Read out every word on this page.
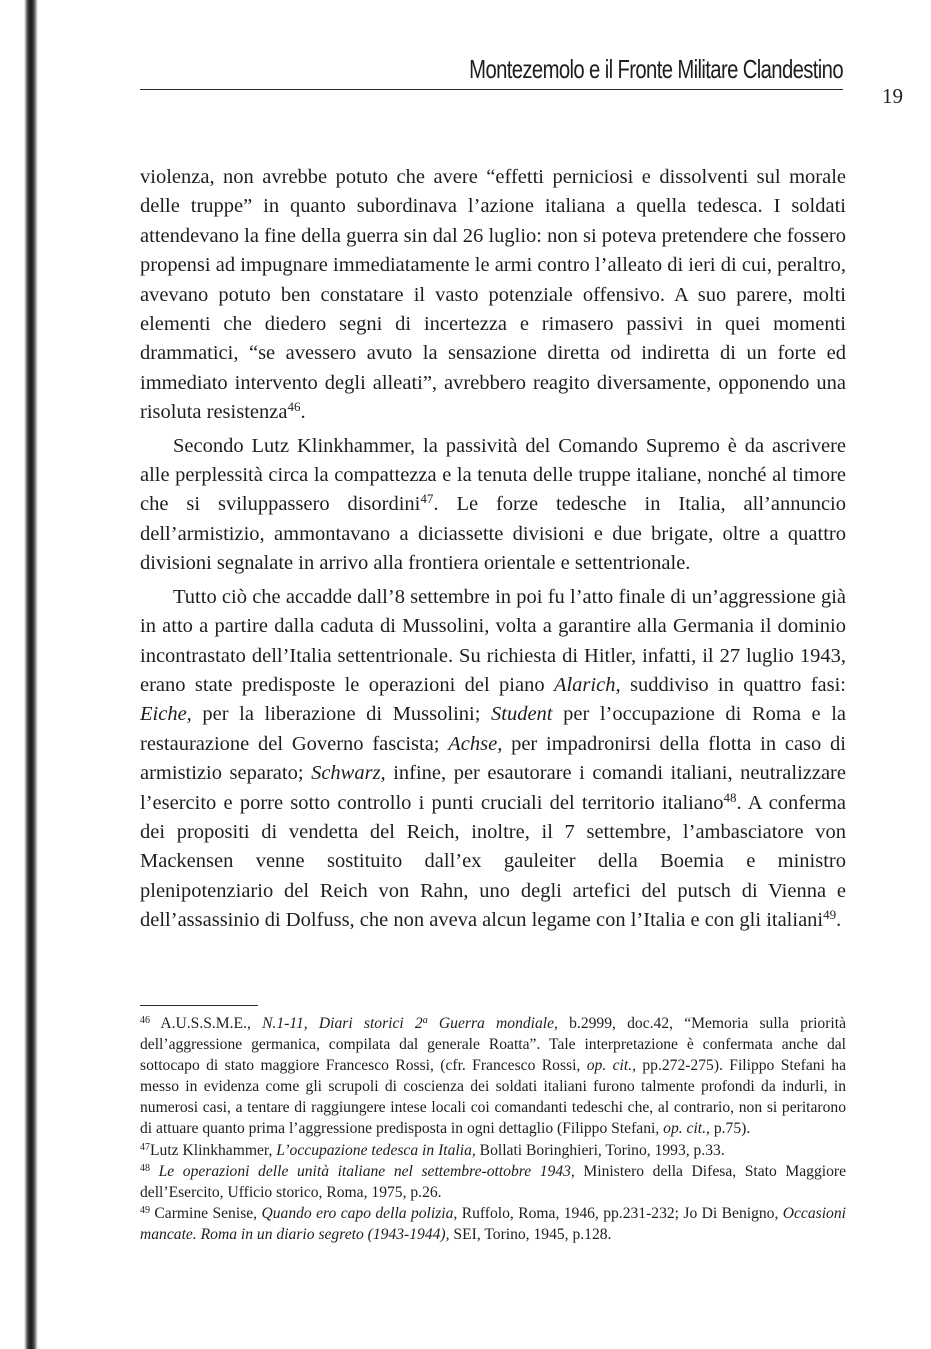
Montezemolo e il Fronte Militare Clandestino
19

violenza, non avrebbe potuto che avere “effetti perniciosi e dissolventi sul morale delle truppe” in quanto subordinava l’azione italiana a quella tedesca. I soldati attendevano la fine della guerra sin dal 26 luglio: non si poteva pretendere che fossero propensi ad impugnare immediatamente le armi contro l’alleato di ieri di cui, peraltro, avevano potuto ben constatare il vasto potenziale offensivo. A suo parere, molti elementi che diedero segni di incertezza e rimasero passivi in quei momenti drammatici, “se avessero avuto la sensazione diretta od indiretta di un forte ed immediato intervento degli alleati”, avrebbero reagito diversamente, opponendo una risoluta resistenza$^{46}$.

Secondo Lutz Klinkhammer, la passività del Comando Supremo è da ascrivere alle perplessità circa la compattezza e la tenuta delle truppe italiane, nonché al timore che si sviluppassero disordini$^{47}$. Le forze tedesche in Italia, all’annuncio dell’armistizio, ammontavano a diciassette divisioni e due brigate, oltre a quattro divisioni segnalate in arrivo alla frontiera orientale e settentrionale.

Tutto ciò che accadde dall’8 settembre in poi fu l’atto finale di un’aggressione già in atto a partire dalla caduta di Mussolini, volta a garantire alla Germania il dominio incontrastato dell’Italia settentrionale. Su richiesta di Hitler, infatti, il 27 luglio 1943, erano state predisposte le operazioni del piano Alarich, suddiviso in quattro fasi: Eiche, per la liberazione di Mussolini; Student per l’occupazione di Roma e la restaurazione del Governo fascista; Achse, per impadronirsi della flotta in caso di armistizio separato; Schwarz, infine, per esautorare i comandi italiani, neutralizzare l’esercito e porre sotto controllo i punti cruciali del territorio italiano$^{48}$. A conferma dei propositi di vendetta del Reich, inoltre, il 7 settembre, l’ambasciatore von Mackensen venne sostituito dall’ex gauleiter della Boemia e ministro plenipotenziario del Reich von Rahn, uno degli artefici del putsch di Vienna e dell’assassinio di Dolfuss, che non aveva alcun legame con l’Italia e con gli italiani$^{49}$.

$^{46}$ A.U.S.S.M.E., N.1-11, Diari storici 2$^a$ Guerra mondiale, b.2999, doc.42, “Memoria sulla priorità dell’aggressione germanica, compilata dal generale Roatta”. Tale interpretazione è confermata anche dal sottocapo di stato maggiore Francesco Rossi, (cfr. Francesco Rossi, op. cit., pp.272-275). Filippo Stefani ha messo in evidenza come gli scrupoli di coscienza dei soldati italiani furono talmente profondi da indurli, in numerosi casi, a tentare di raggiungere intese locali coi comandanti tedeschi che, al contrario, non si peritarono di attuare quanto prima l’aggressione predisposta in ogni dettaglio (Filippo Stefani, op. cit., p.75).

$^{47}$Lutz Klinkhammer, L’occupazione tedesca in Italia, Bollati Boringhieri, Torino, 1993, p.33.

$^{48}$ Le operazioni delle unità italiane nel settembre-ottobre 1943, Ministero della Difesa, Stato Maggiore dell’Esercito, Ufficio storico, Roma, 1975, p.26.

$^{49}$ Carmine Senise, Quando ero capo della polizia, Ruffolo, Roma, 1946, pp.231-232; Jo Di Benigno, Occasioni mancate. Roma in un diario segreto (1943-1944), SEI, Torino, 1945, p.128.
